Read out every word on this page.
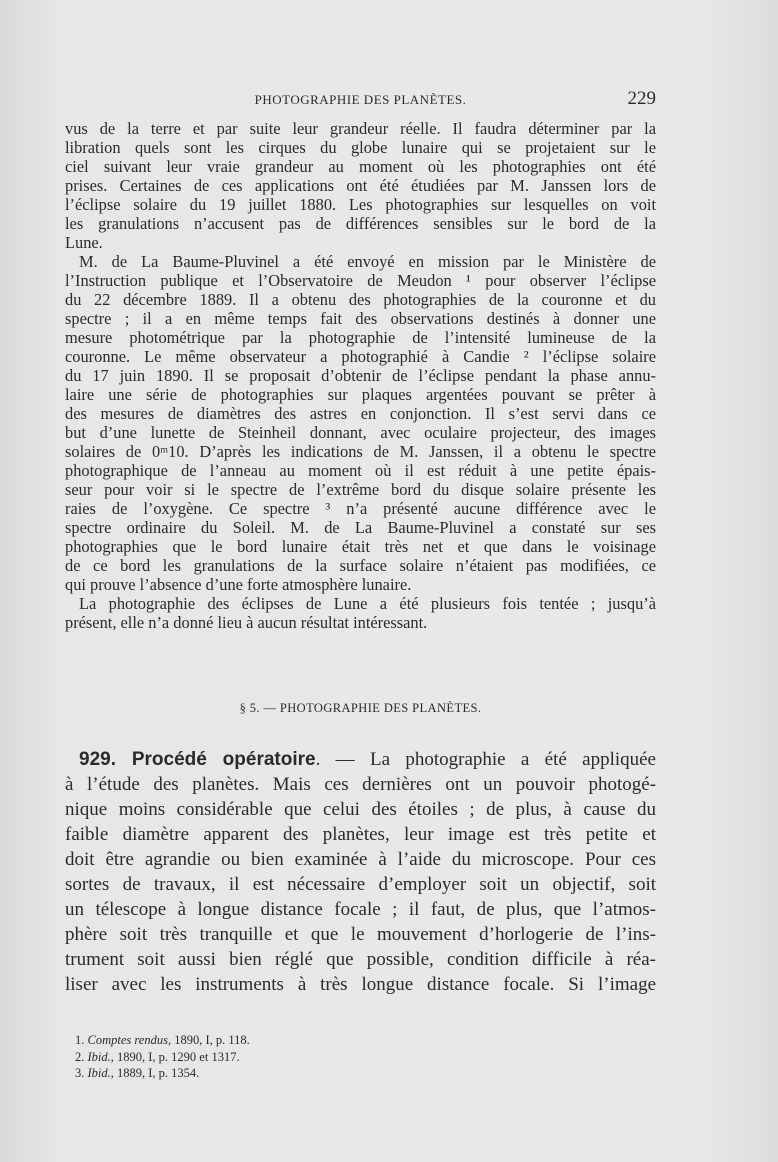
PHOTOGRAPHIE DES PLANÈTES.	229
vus de la terre et par suite leur grandeur réelle. Il faudra déterminer par la
libration quels sont les cirques du globe lunaire qui se projetaient sur le
ciel suivant leur vraie grandeur au moment où les photographies ont été
prises. Certaines de ces applications ont été étudiées par M. Janssen lors de
l’éclipse solaire du 19 juillet 1880. Les photographies sur lesquelles on voit
les granulations n’accusent pas de différences sensibles sur le bord de la
Lune.
M. de La Baume-Pluvinel a été envoyé en mission par le Ministère de
l’Instruction publique et l’Observatoire de Meudon ¹ pour observer l’éclipse
du 22 décembre 1889. Il a obtenu des photographies de la couronne et du
spectre ; il a en même temps fait des observations destinés à donner une
mesure photométrique par la photographie de l’intensité lumineuse de la
couronne. Le même observateur a photographié à Candie ² l’éclipse solaire
du 17 juin 1890. Il se proposait d’obtenir de l’éclipse pendant la phase annu-
laire une série de photographies sur plaques argentées pouvant se prêter à
des mesures de diamètres des astres en conjonction. Il s’est servi dans ce
but d’une lunette de Steinheil donnant, avec oculaire projecteur, des images
solaires de 0ᵐ10. D’après les indications de M. Janssen, il a obtenu le spectre
photographique de l’anneau au moment où il est réduit à une petite épais-
seur pour voir si le spectre de l’extrême bord du disque solaire présente les
raies de l’oxygène. Ce spectre ³ n’a présenté aucune différence avec le
spectre ordinaire du Soleil. M. de La Baume-Pluvinel a constaté sur ses
photographies que le bord lunaire était très net et que dans le voisinage
de ce bord les granulations de la surface solaire n’étaient pas modifiées, ce
qui prouve l’absence d’une forte atmosphère lunaire.
La photographie des éclipses de Lune a été plusieurs fois tentée ; jusqu’à
présent, elle n’a donné lieu à aucun résultat intéressant.
§ 5. — PHOTOGRAPHIE DES PLANÈTES.
929. Procédé opératoire. — La photographie a été appliquée
à l’étude des planètes. Mais ces dernières ont un pouvoir photogé-
nique moins considérable que celui des étoiles ; de plus, à cause du
faible diamètre apparent des planètes, leur image est très petite et
doit être agrandie ou bien examinée à l’aide du microscope. Pour ces
sortes de travaux, il est nécessaire d’employer soit un objectif, soit
un télescope à longue distance focale ; il faut, de plus, que l’atmos-
phère soit très tranquille et que le mouvement d’horlogerie de l’ins-
trument soit aussi bien réglé que possible, condition difficile à réa-
liser avec les instruments à très longue distance focale. Si l’image
1. Comptes rendus, 1890, I, p. 118.
2. Ibid., 1890, I, p. 1290 et 1317.
3. Ibid., 1889, I, p. 1354.
